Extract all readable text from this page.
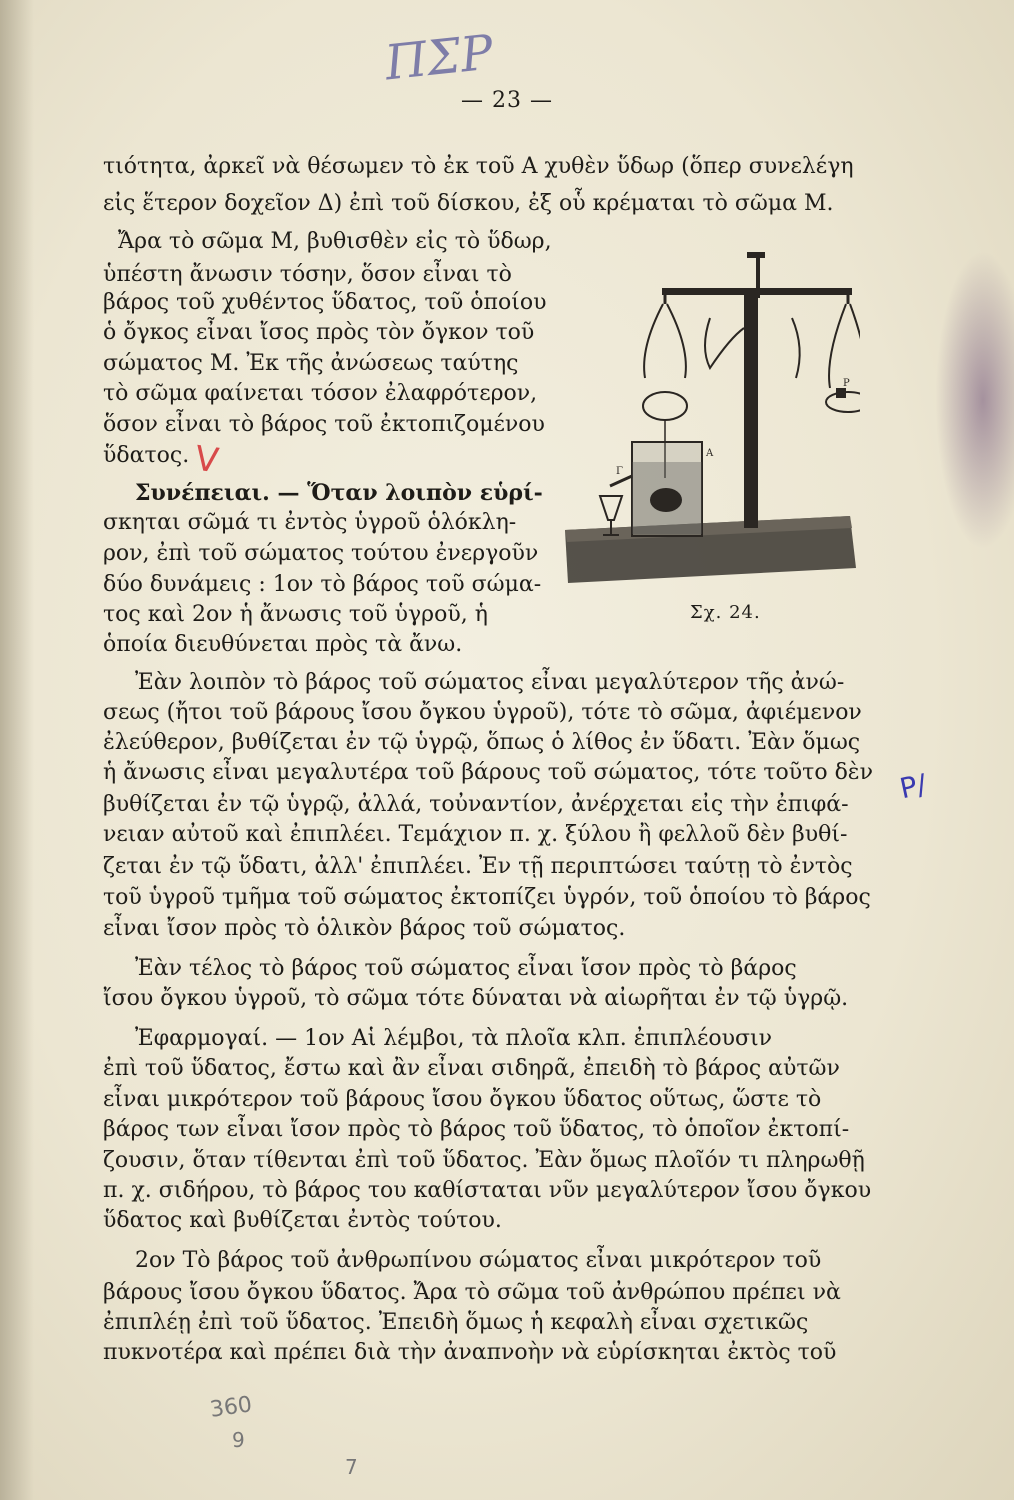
ΠΣΡ
— 23 —
τιότητα, ἀρκεῖ νὰ θέσωμεν τὸ ἐκ τοῦ Α χυθὲν ὕδωρ (ὅπερ συνελέγη
εἰς ἕτερον δοχεῖον Δ) ἐπὶ τοῦ δίσκου, ἐξ οὗ κρέμαται τὸ σῶμα Μ.
Ἄρα τὸ σῶμα Μ, βυθισθὲν εἰς τὸ ὕδωρ,
ὑπέστη ἄνωσιν τόσην, ὅσον εἶναι τὸ
βάρος τοῦ χυθέντος ὕδατος, τοῦ ὁποίου
ὁ ὄγκος εἶναι ἴσος πρὸς τὸν ὄγκον τοῦ
σώματος Μ. Ἐκ τῆς ἀνώσεως ταύτης
τὸ σῶμα φαίνεται τόσον ἐλαφρότερον,
ὅσον εἶναι τὸ βάρος τοῦ ἐκτοπιζομένου
ὕδατος.
Συνέπειαι. — Ὅταν λοιπὸν εὑρί-
σκηται σῶμά τι ἐντὸς ὑγροῦ ὁλόκλη-
ρον, ἐπὶ τοῦ σώματος τούτου ἐνεργοῦν
δύο δυνάμεις : 1ον τὸ βάρος τοῦ σώμα-
τος καὶ 2ον ἡ ἄνωσις τοῦ ὑγροῦ, ἡ
ὁποία διευθύνεται πρὸς τὰ ἄνω.
Ρ
Α
Γ
Σχ. 24.
Ἐὰν λοιπὸν τὸ βάρος τοῦ σώματος εἶναι μεγαλύτερον τῆς ἀνώ-
σεως (ἤτοι τοῦ βάρους ἴσου ὄγκου ὑγροῦ), τότε τὸ σῶμα, ἀφιέμενον
ἐλεύθερον, βυθίζεται ἐν τῷ ὑγρῷ, ὅπως ὁ λίθος ἐν ὕδατι. Ἐὰν ὅμως
ἡ ἄνωσις εἶναι μεγαλυτέρα τοῦ βάρους τοῦ σώματος, τότε τοῦτο δὲν
βυθίζεται ἐν τῷ ὑγρῷ, ἀλλά, τοὐναντίον, ἀνέρχεται εἰς τὴν ἐπιφά-
νειαν αὐτοῦ καὶ ἐπιπλέει. Τεμάχιον π. χ. ξύλου ἢ φελλοῦ δὲν βυθί-
ζεται ἐν τῷ ὕδατι, ἀλλ' ἐπιπλέει. Ἐν τῇ περιπτώσει ταύτῃ τὸ ἐντὸς
τοῦ ὑγροῦ τμῆμα τοῦ σώματος ἐκτοπίζει ὑγρόν, τοῦ ὁποίου τὸ βάρος
εἶναι ἴσον πρὸς τὸ ὁλικὸν βάρος τοῦ σώματος.
Ἐὰν τέλος τὸ βάρος τοῦ σώματος εἶναι ἴσον πρὸς τὸ βάρος
ἴσου ὄγκου ὑγροῦ, τὸ σῶμα τότε δύναται νὰ αἰωρῆται ἐν τῷ ὑγρῷ.
Ἐφαρμογαί. — 1ον Αἱ λέμβοι, τὰ πλοῖα κλπ. ἐπιπλέουσιν
ἐπὶ τοῦ ὕδατος, ἔστω καὶ ἂν εἶναι σιδηρᾶ, ἐπειδὴ τὸ βάρος αὐτῶν
εἶναι μικρότερον τοῦ βάρους ἴσου ὄγκου ὕδατος οὕτως, ὥστε τὸ
βάρος των εἶναι ἴσον πρὸς τὸ βάρος τοῦ ὕδατος, τὸ ὁποῖον ἐκτοπί-
ζουσιν, ὅταν τίθενται ἐπὶ τοῦ ὕδατος. Ἐὰν ὅμως πλοῖόν τι πληρωθῇ
π. χ. σιδήρου, τὸ βάρος του καθίσταται νῦν μεγαλύτερον ἴσου ὄγκου
ὕδατος καὶ βυθίζεται ἐντὸς τούτου.
2ον Τὸ βάρος τοῦ ἀνθρωπίνου σώματος εἶναι μικρότερον τοῦ
βάρους ἴσου ὄγκου ὕδατος. Ἄρα τὸ σῶμα τοῦ ἀνθρώπου πρέπει νὰ
ἐπιπλέῃ ἐπὶ τοῦ ὕδατος. Ἐπειδὴ ὅμως ἡ κεφαλὴ εἶναι σχετικῶς
πυκνοτέρα καὶ πρέπει διὰ τὴν ἀναπνοὴν νὰ εὑρίσκηται ἐκτὸς τοῦ
V
Ρ/
360
9
7
